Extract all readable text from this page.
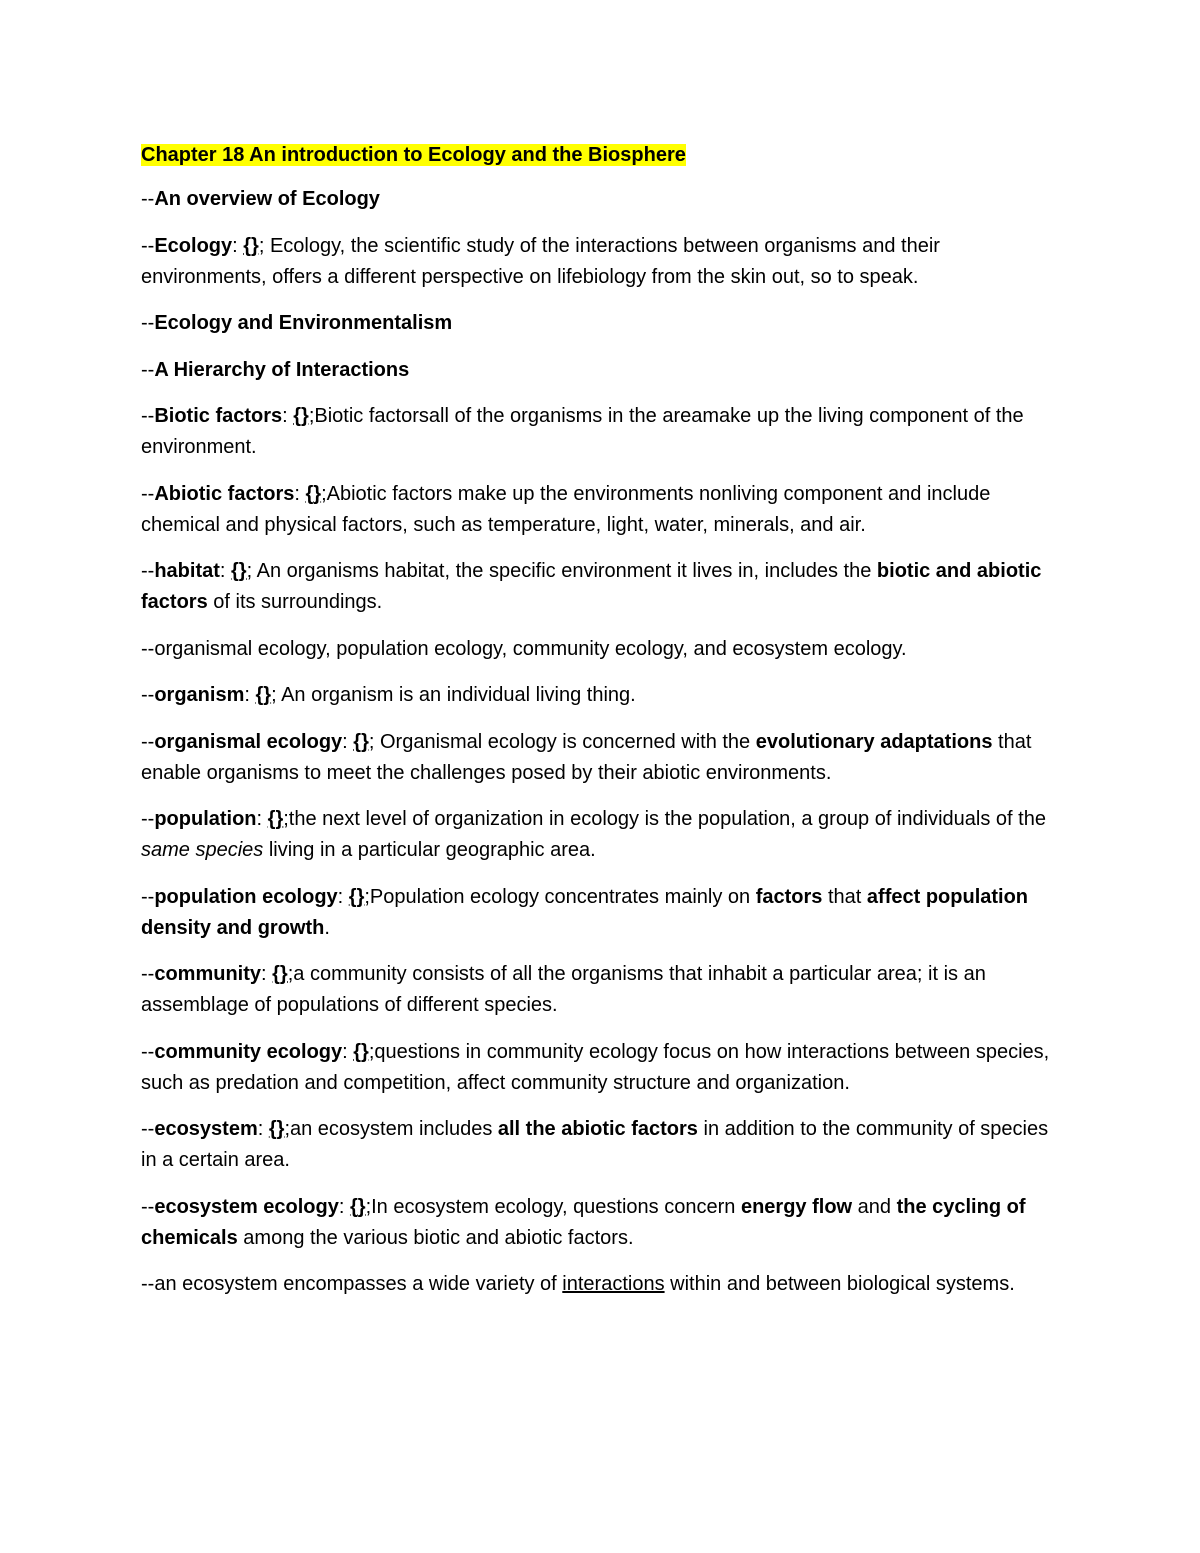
Chapter 18 An introduction to Ecology and the Biosphere

--An overview of Ecology

--Ecology: {}; Ecology, the scientific study of the interactions between organisms and their environments, offers a different perspective on lifebiology from the skin out, so to speak.

--Ecology and Environmentalism

--A Hierarchy of Interactions

--Biotic factors: {};Biotic factorsall of the organisms in the areamake up the living component of the environment.

--Abiotic factors: {};Abiotic factors make up the environments nonliving component and include chemical and physical factors, such as temperature, light, water, minerals, and air.

--habitat: {}; An organisms habitat, the specific environment it lives in, includes the biotic and abiotic factors of its surroundings.

--organismal ecology, population ecology, community ecology, and ecosystem ecology.

--organism: {}; An organism is an individual living thing.

--organismal ecology: {}; Organismal ecology is concerned with the evolutionary adaptations that enable organisms to meet the challenges posed by their abiotic environments.

--population: {};the next level of organization in ecology is the population, a group of individuals of the same species living in a particular geographic area.

--population ecology: {};Population ecology concentrates mainly on factors that affect population density and growth.

--community: {};a community consists of all the organisms that inhabit a particular area; it is an assemblage of populations of different species.

--community ecology: {};questions in community ecology focus on how interactions between species, such as predation and competition, affect community structure and organization.

--ecosystem: {};an ecosystem includes all the abiotic factors in addition to the community of species in a certain area.

--ecosystem ecology: {};In ecosystem ecology, questions concern energy flow and the cycling of chemicals among the various biotic and abiotic factors.

--an ecosystem encompasses a wide variety of interactions within and between biological systems.
